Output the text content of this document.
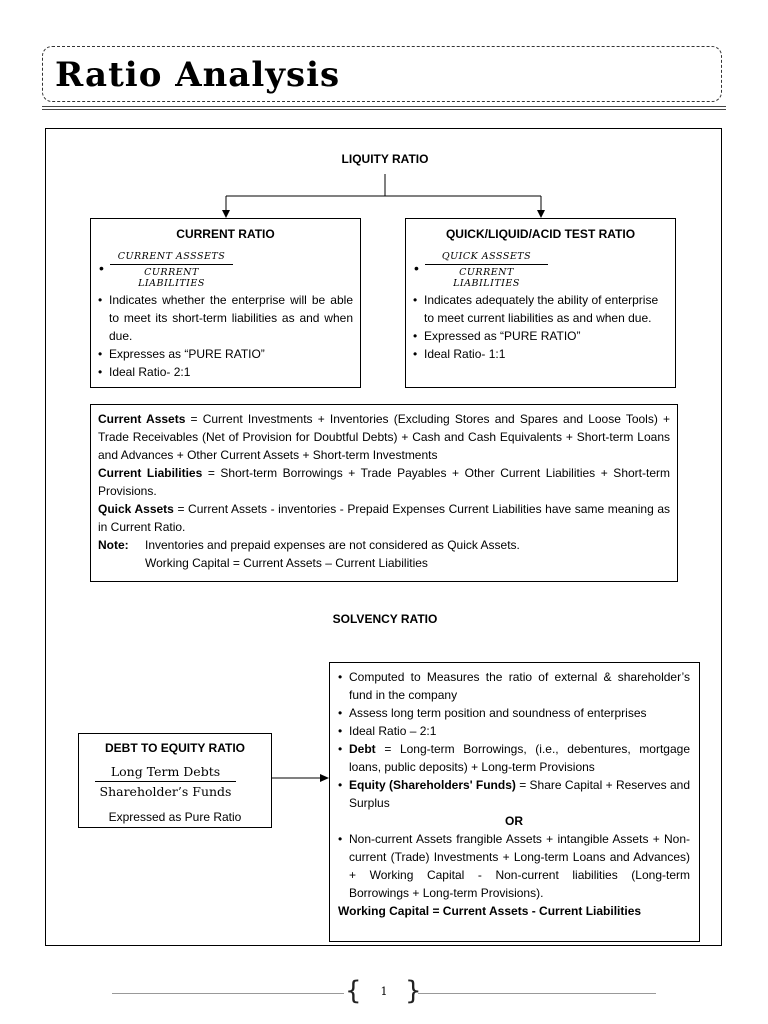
Ratio Analysis
LIQUITY RATIO
CURRENT RATIO
•
CURRENT ASSSETS
CURRENT LIABILITIES
• Indicates whether the enterprise will be able to meet its short-term liabilities as and when due.
• Expresses as “PURE RATIO”
• Ideal Ratio- 2:1
QUICK/LIQUID/ACID TEST RATIO
•
QUICK ASSSETS
CURRENT LIABILITIES
• Indicates adequately the ability of enterprise to meet current liabilities as and when due.
• Expressed as “PURE RATIO”
• Ideal Ratio- 1:1
Current Assets = Current Investments + Inventories (Excluding Stores and Spares and Loose Tools) + Trade Receivables (Net of Provision for Doubtful Debts) + Cash and Cash Equivalents + Short-term Loans and Advances + Other Current Assets + Short-term Investments
Current Liabilities = Short-term Borrowings + Trade Payables + Other Current Liabilities + Short-term Provisions.
Quick Assets = Current Assets - inventories - Prepaid Expenses Current Liabilities have same meaning as in Current Ratio.
Note: Inventories and prepaid expenses are not considered as Quick Assets.
Working Capital = Current Assets – Current Liabilities
SOLVENCY RATIO
DEBT TO EQUITY RATIO
Long Term Debts
Shareholder’s Funds
Expressed as Pure Ratio
• Computed to Measures the ratio of external & shareholder’s fund in the company
• Assess long term position and soundness of enterprises
• Ideal Ratio – 2:1
• Debt = Long-term Borrowings, (i.e., debentures, mortgage loans, public deposits) + Long-term Provisions
• Equity (Shareholders' Funds) = Share Capital + Reserves and Surplus
OR
• Non-current Assets frangible Assets + intangible Assets + Non-current (Trade) Investments + Long-term Loans and Advances) + Working Capital - Non-current liabilities (Long-term Borrowings + Long-term Provisions).
Working Capital = Current Assets - Current Liabilities
{ }
1
